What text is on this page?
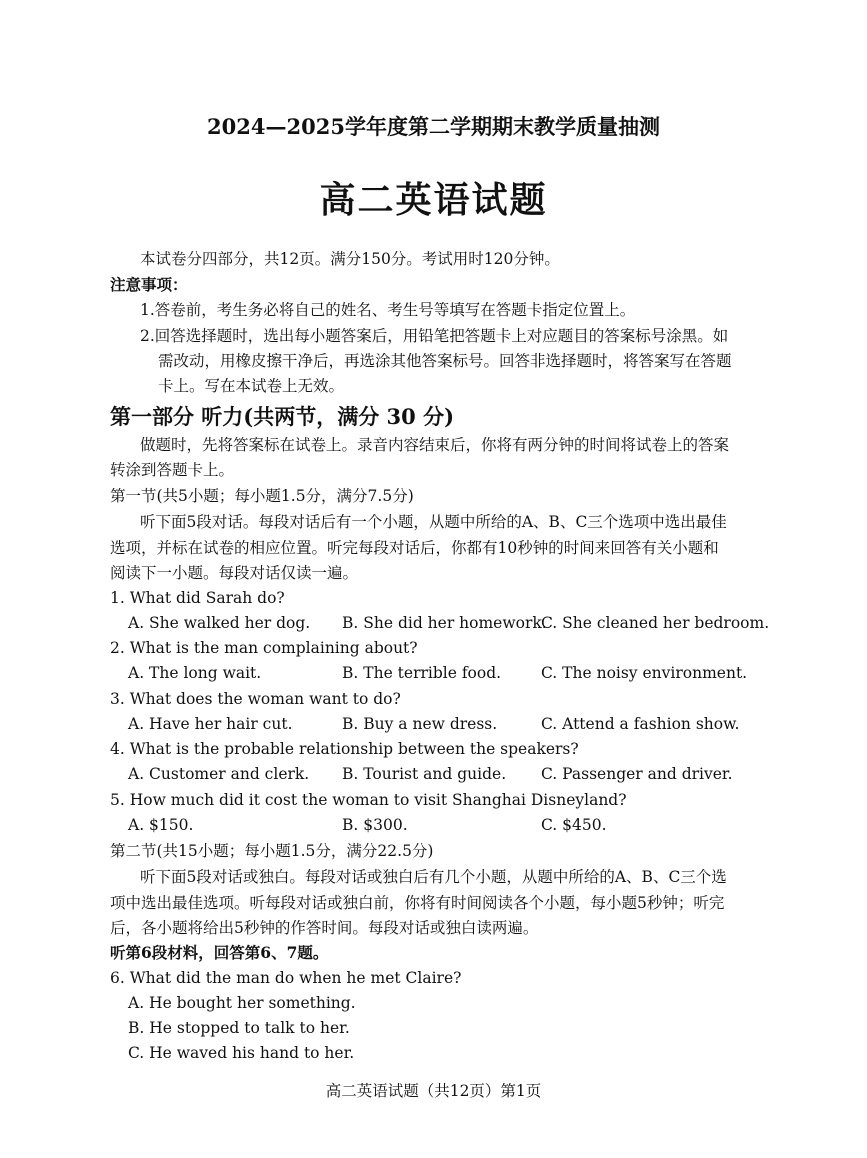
2024—2025学年度第二学期期末教学质量抽测
高二英语试题
本试卷分四部分，共12页。满分150分。考试用时120分钟。
注意事项：
1.答卷前，考生务必将自己的姓名、考生号等填写在答题卡指定位置上。
2.回答选择题时，选出每小题答案后，用铅笔把答题卡上对应题目的答案标号涂黑。如
需改动，用橡皮擦干净后，再选涂其他答案标号。回答非选择题时，将答案写在答题
卡上。写在本试卷上无效。
第一部分 听力(共两节，满分 30 分)
做题时，先将答案标在试卷上。录音内容结束后，你将有两分钟的时间将试卷上的答案
转涂到答题卡上。
第一节(共5小题；每小题1.5分，满分7.5分)
听下面5段对话。每段对话后有一个小题，从题中所给的A、B、C三个选项中选出最佳
选项，并标在试卷的相应位置。听完每段对话后，你都有10秒钟的时间来回答有关小题和
阅读下一小题。每段对话仅读一遍。
1. What did Sarah do?
A. She walked her dog. B. She did her homework.
C. She cleaned her bedroom.
2. What is the man complaining about?
A. The long wait.	B. The terrible food.	C. The noisy environment.
3. What does the woman want to do?
A. Have her hair cut.	B. Buy a new dress.	C. Attend a fashion show.
4. What is the probable relationship between the speakers?
A. Customer and clerk. B. Tourist and guide. C. Passenger and driver.
5. How much did it cost the woman to visit Shanghai Disneyland?
A. $150.	B. $300.	C. $450.
第二节(共15小题；每小题1.5分，满分22.5分)
听下面5段对话或独白。每段对话或独白后有几个小题，从题中所给的A、B、C三个选
项中选出最佳选项。听每段对话或独白前，你将有时间阅读各个小题，每小题5秒钟；听完
后，各小题将给出5秒钟的作答时间。每段对话或独白读两遍。
听第6段材料，回答第6、7题。
6. What did the man do when he met Claire?
A. He bought her something.
B. He stopped to talk to her.
C. He waved his hand to her.
高二英语试题（共12页）第1页
